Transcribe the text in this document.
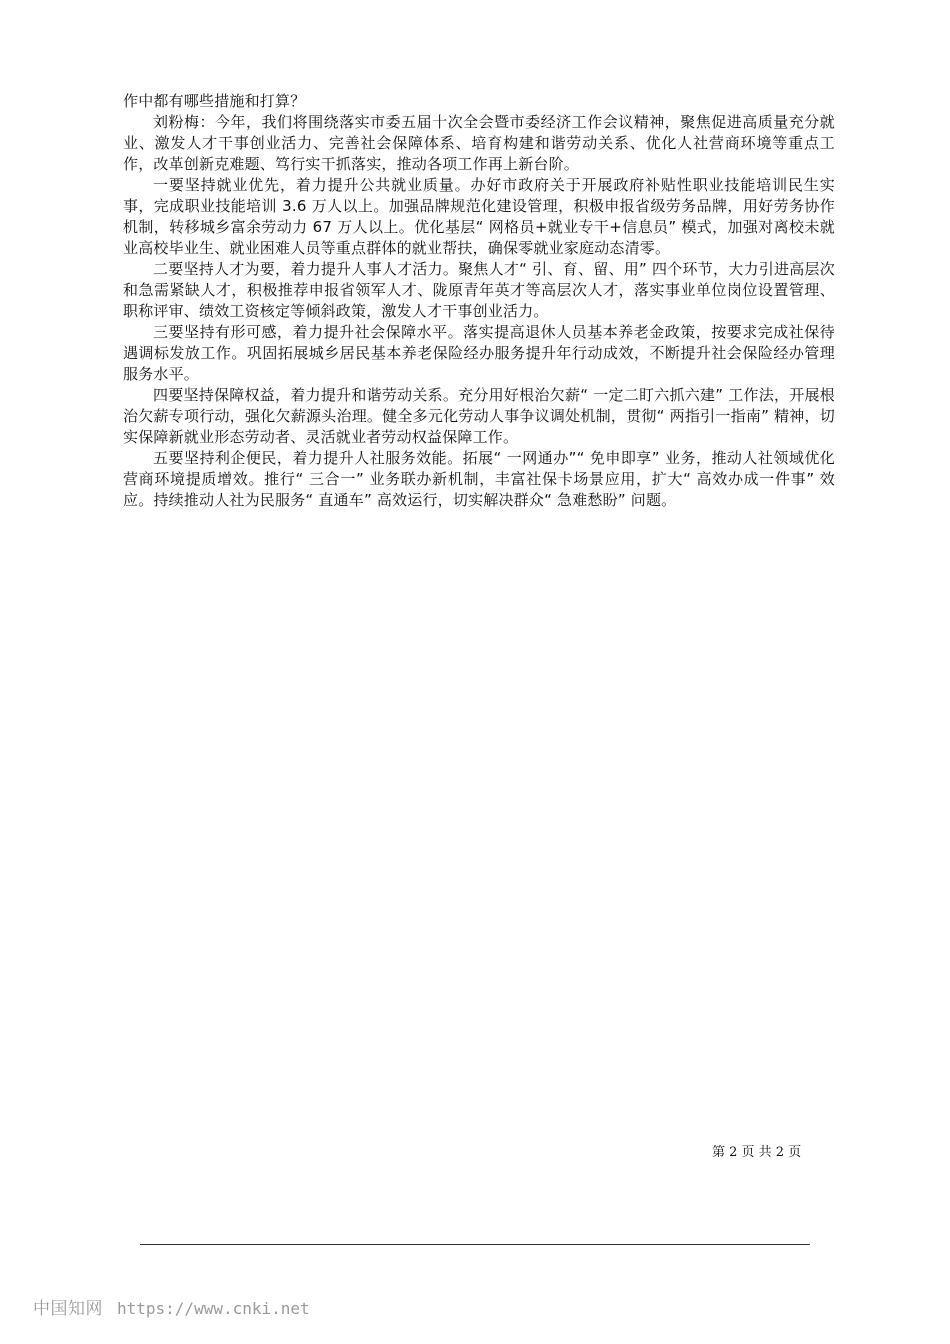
作中都有哪些措施和打算？

刘粉梅：今年，我们将围绕落实市委五届十次全会暨市委经济工作会议精神，聚焦促进高质量充分就业、激发人才干事创业活力、完善社会保障体系、培育构建和谐劳动关系、优化人社营商环境等重点工作，改革创新克难题、笃行实干抓落实，推动各项工作再上新台阶。

一要坚持就业优先，着力提升公共就业质量。办好市政府关于开展政府补贴性职业技能培训民生实事，完成职业技能培训 3.6 万人以上。加强品牌规范化建设管理，积极申报省级劳务品牌，用好劳务协作机制，转移城乡富余劳动力 67 万人以上。优化基层“ 网格员+就业专干+信息员” 模式，加强对离校未就业高校毕业生、就业困难人员等重点群体的就业帮扶，确保零就业家庭动态清零。

二要坚持人才为要，着力提升人事人才活力。聚焦人才“ 引、育、留、用” 四个环节，大力引进高层次和急需紧缺人才，积极推荐申报省领军人才、陇原青年英才等高层次人才，落实事业单位岗位设置管理、职称评审、绩效工资核定等倾斜政策，激发人才干事创业活力。

三要坚持有形可感，着力提升社会保障水平。落实提高退休人员基本养老金政策，按要求完成社保待遇调标发放工作。巩固拓展城乡居民基本养老保险经办服务提升年行动成效，不断提升社会保险经办管理服务水平。

四要坚持保障权益，着力提升和谐劳动关系。充分用好根治欠薪“ 一定二盯六抓六建” 工作法，开展根治欠薪专项行动，强化欠薪源头治理。健全多元化劳动人事争议调处机制，贯彻“ 两指引一指南” 精神，切实保障新就业形态劳动者、灵活就业者劳动权益保障工作。

五要坚持利企便民，着力提升人社服务效能。拓展“ 一网通办”“ 免申即享” 业务，推动人社领域优化营商环境提质增效。推行“ 三合一” 业务联办新机制，丰富社保卡场景应用，扩大“ 高效办成一件事” 效应。持续推动人社为民服务“ 直通车” 高效运行，切实解决群众“ 急难愁盼” 问题。

第 2 页 共 2 页
中国知网 https://www.cnki.net
